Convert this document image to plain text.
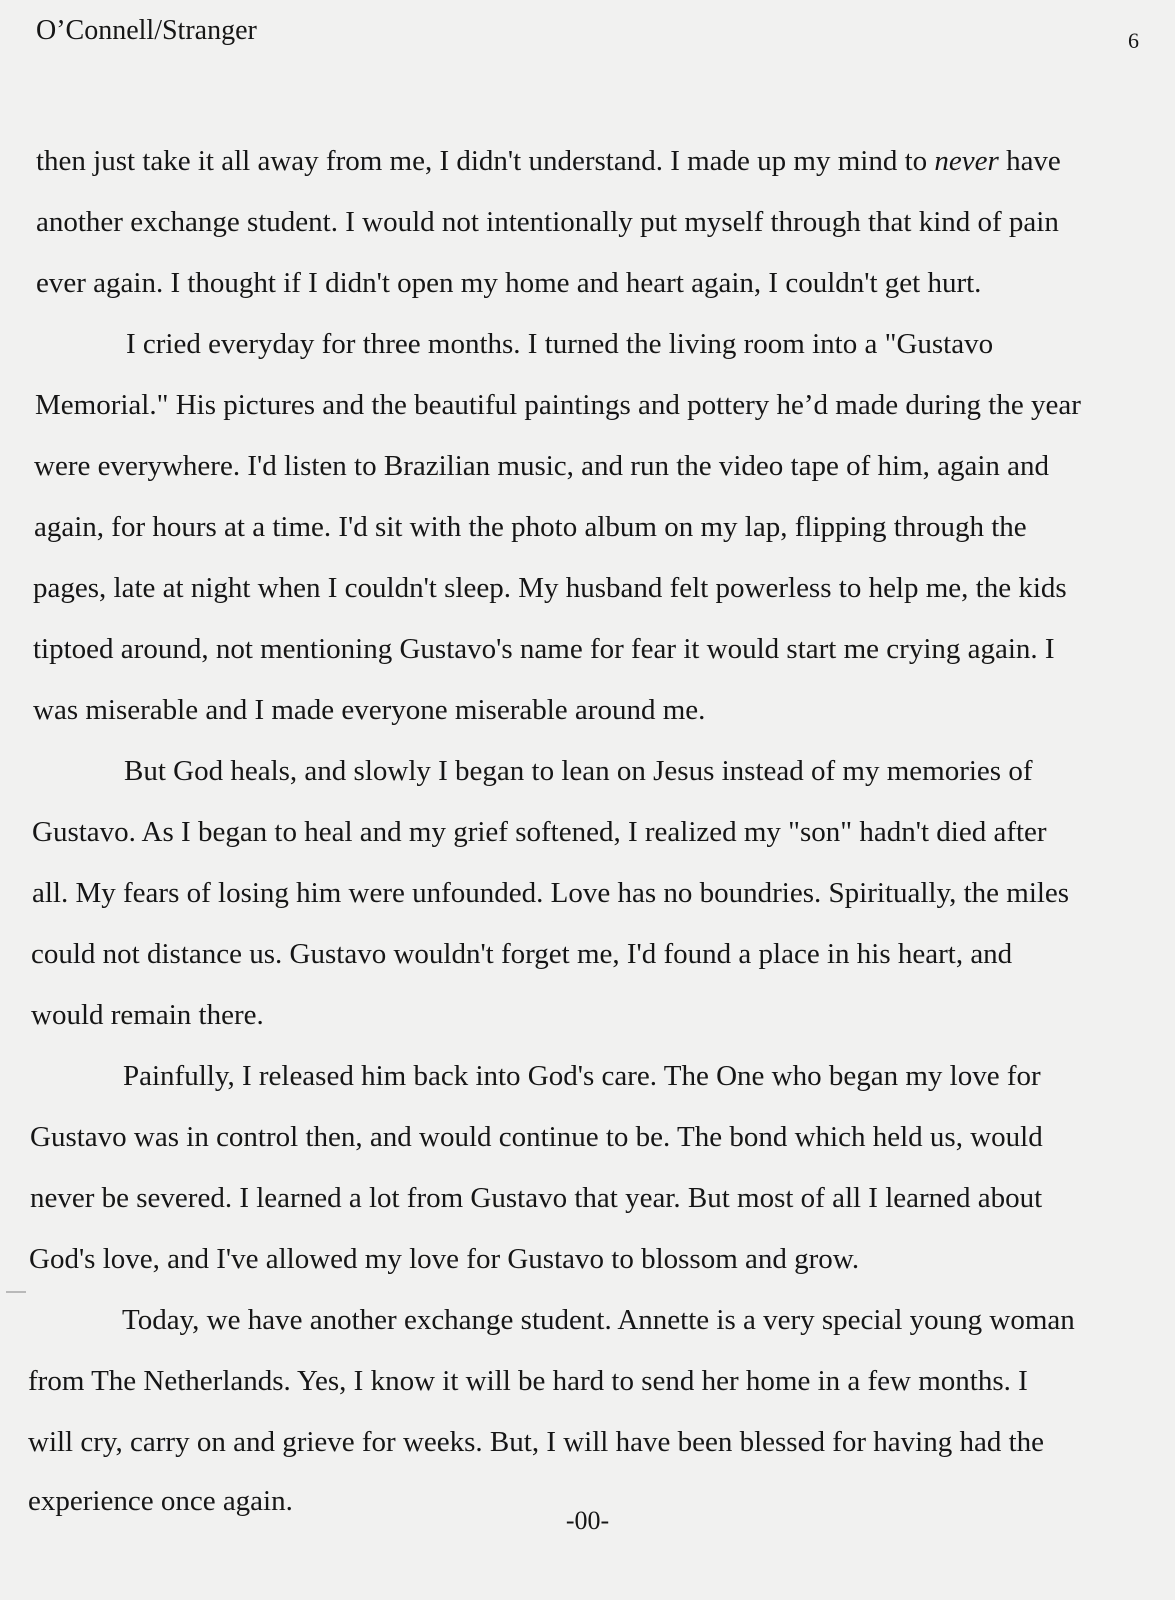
O’Connell/Stranger	6
then just take it all away from me, I didn't understand. I made up my mind to never have
another exchange student. I would not intentionally put myself through that kind of pain
ever again. I thought if I didn't open my home and heart again, I couldn't get hurt.
I cried everyday for three months. I turned the living room into a "Gustavo
Memorial." His pictures and the beautiful paintings and pottery he’d made during the year
were everywhere. I'd listen to Brazilian music, and run the video tape of him, again and
again, for hours at a time. I'd sit with the photo album on my lap, flipping through the
pages, late at night when I couldn't sleep. My husband felt powerless to help me, the kids
tiptoed around, not mentioning Gustavo's name for fear it would start me crying again. I
was miserable and I made everyone miserable around me.
But God heals, and slowly I began to lean on Jesus instead of my memories of
Gustavo. As I began to heal and my grief softened, I realized my "son" hadn't died after
all. My fears of losing him were unfounded. Love has no boundries. Spiritually, the miles
could not distance us. Gustavo wouldn't forget me, I'd found a place in his heart, and
would remain there.
Painfully, I released him back into God's care. The One who began my love for
Gustavo was in control then, and would continue to be. The bond which held us, would
never be severed. I learned a lot from Gustavo that year. But most of all I learned about
God's love, and I've allowed my love for Gustavo to blossom and grow.
Today, we have another exchange student. Annette is a very special young woman
from The Netherlands. Yes, I know it will be hard to send her home in a few months. I
will cry, carry on and grieve for weeks. But, I will have been blessed for having had the
experience once again.
-00-
